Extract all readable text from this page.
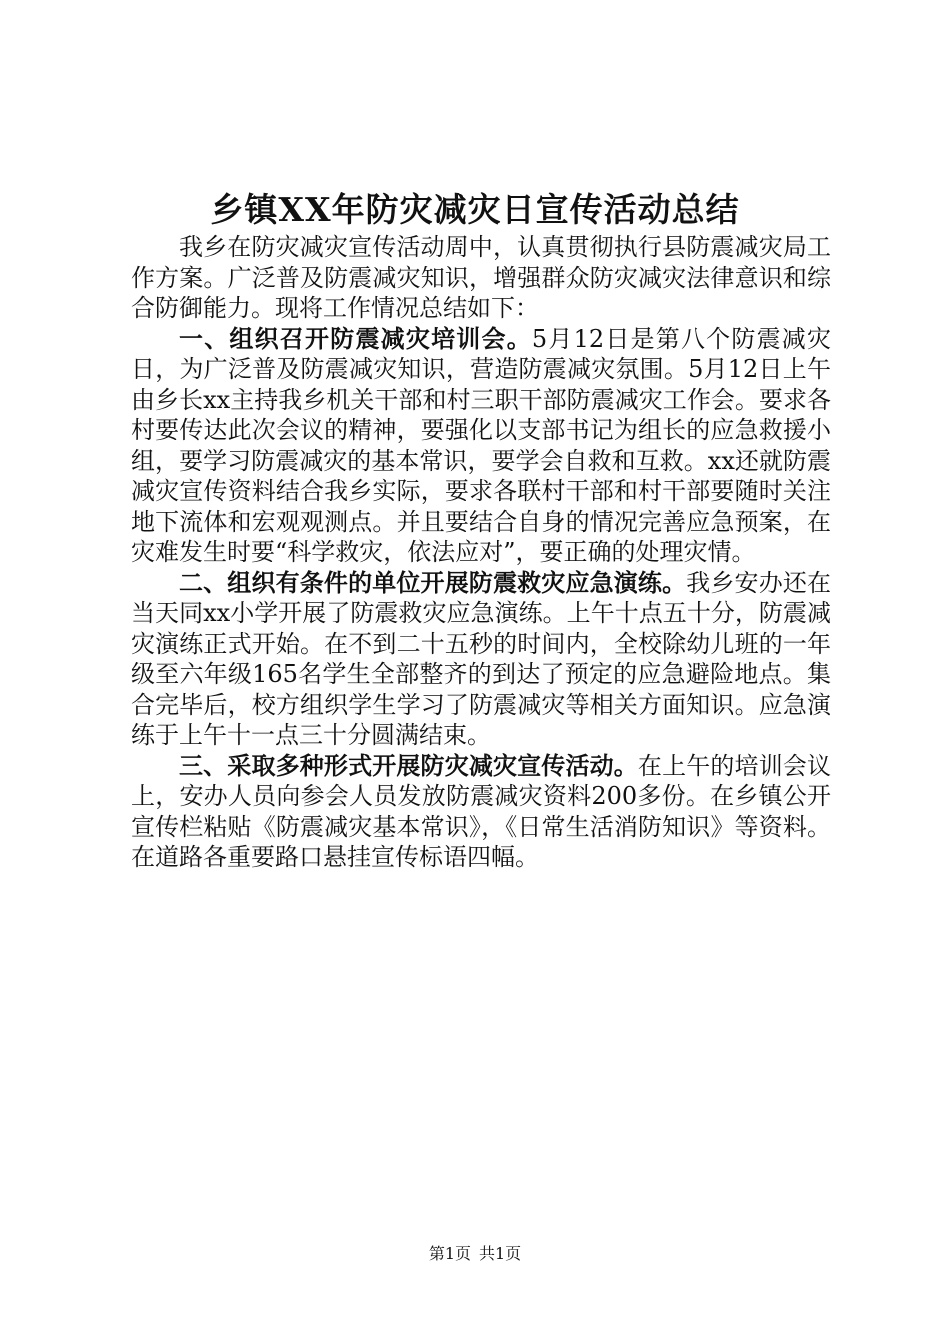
乡镇XX年防灾减灾日宣传活动总结

我乡在防灾减灾宣传活动周中，认真贯彻执行县防震减灾局工作方案。广泛普及防震减灾知识，增强群众防灾减灾法律意识和综合防御能力。现将工作情况总结如下：

一、组织召开防震减灾培训会。5月12日是第八个防震减灾日，为广泛普及防震减灾知识，营造防震减灾氛围。5月12日上午由乡长xx主持我乡机关干部和村三职干部防震减灾工作会。要求各村要传达此次会议的精神，要强化以支部书记为组长的应急救援小组，要学习防震减灾的基本常识，要学会自救和互救。xx还就防震减灾宣传资料结合我乡实际，要求各联村干部和村干部要随时关注地下流体和宏观观测点。并且要结合自身的情况完善应急预案，在灾难发生时要“科学救灾，依法应对”，要正确的处理灾情。

二、组织有条件的单位开展防震救灾应急演练。我乡安办还在当天同xx小学开展了防震救灾应急演练。上午十点五十分，防震减灾演练正式开始。在不到二十五秒的时间内，全校除幼儿班的一年级至六年级165名学生全部整齐的到达了预定的应急避险地点。集合完毕后，校方组织学生学习了防震减灾等相关方面知识。应急演练于上午十一点三十分圆满结束。

三、采取多种形式开展防灾减灾宣传活动。在上午的培训会议上，安办人员向参会人员发放防震减灾资料200多份。在乡镇公开宣传栏粘贴《防震减灾基本常识》，《日常生活消防知识》等资料。在道路各重要路口悬挂宣传标语四幅。

第1页 共1页
